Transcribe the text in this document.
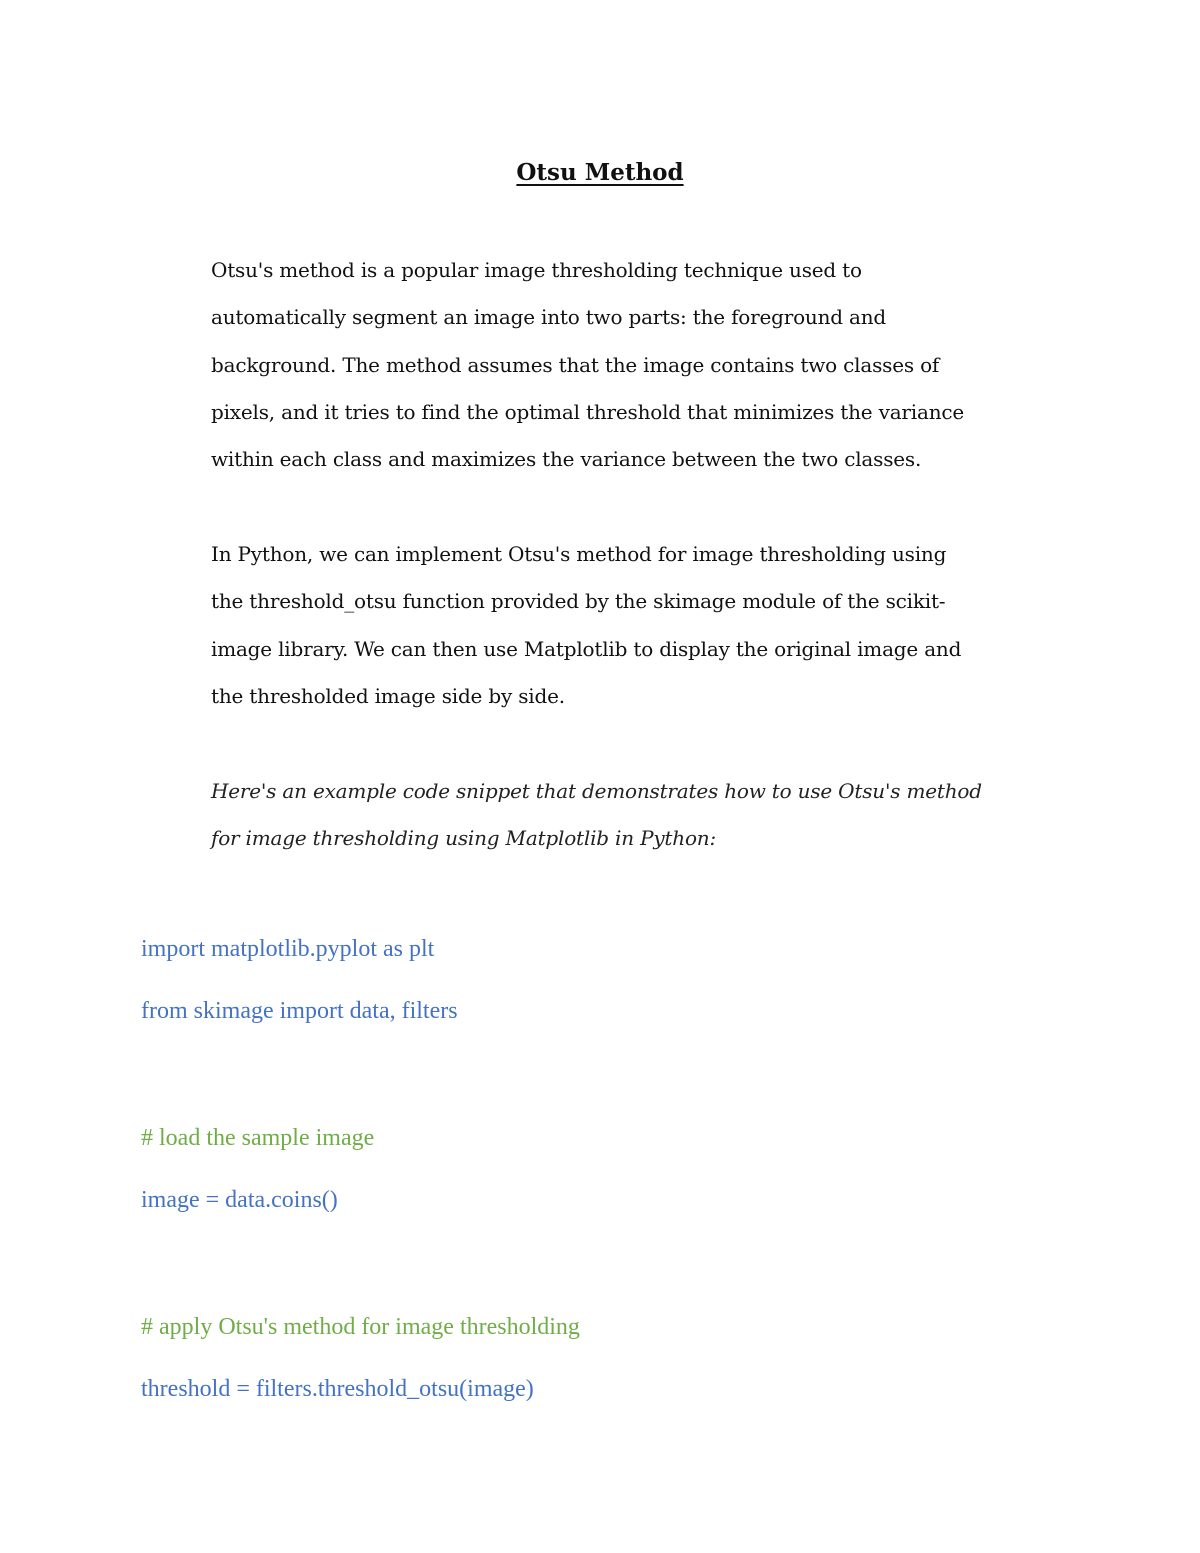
Otsu Method

Otsu's method is a popular image thresholding technique used to
automatically segment an image into two parts: the foreground and
background. The method assumes that the image contains two classes of
pixels, and it tries to find the optimal threshold that minimizes the variance
within each class and maximizes the variance between the two classes.

In Python, we can implement Otsu's method for image thresholding using
the threshold_otsu function provided by the skimage module of the scikit-
image library. We can then use Matplotlib to display the original image and
the thresholded image side by side.

Here's an example code snippet that demonstrates how to use Otsu's method
for image thresholding using Matplotlib in Python:

import matplotlib.pyplot as plt
from skimage import data, filters
# load the sample image
image = data.coins()
# apply Otsu's method for image thresholding
threshold = filters.threshold_otsu(image)
